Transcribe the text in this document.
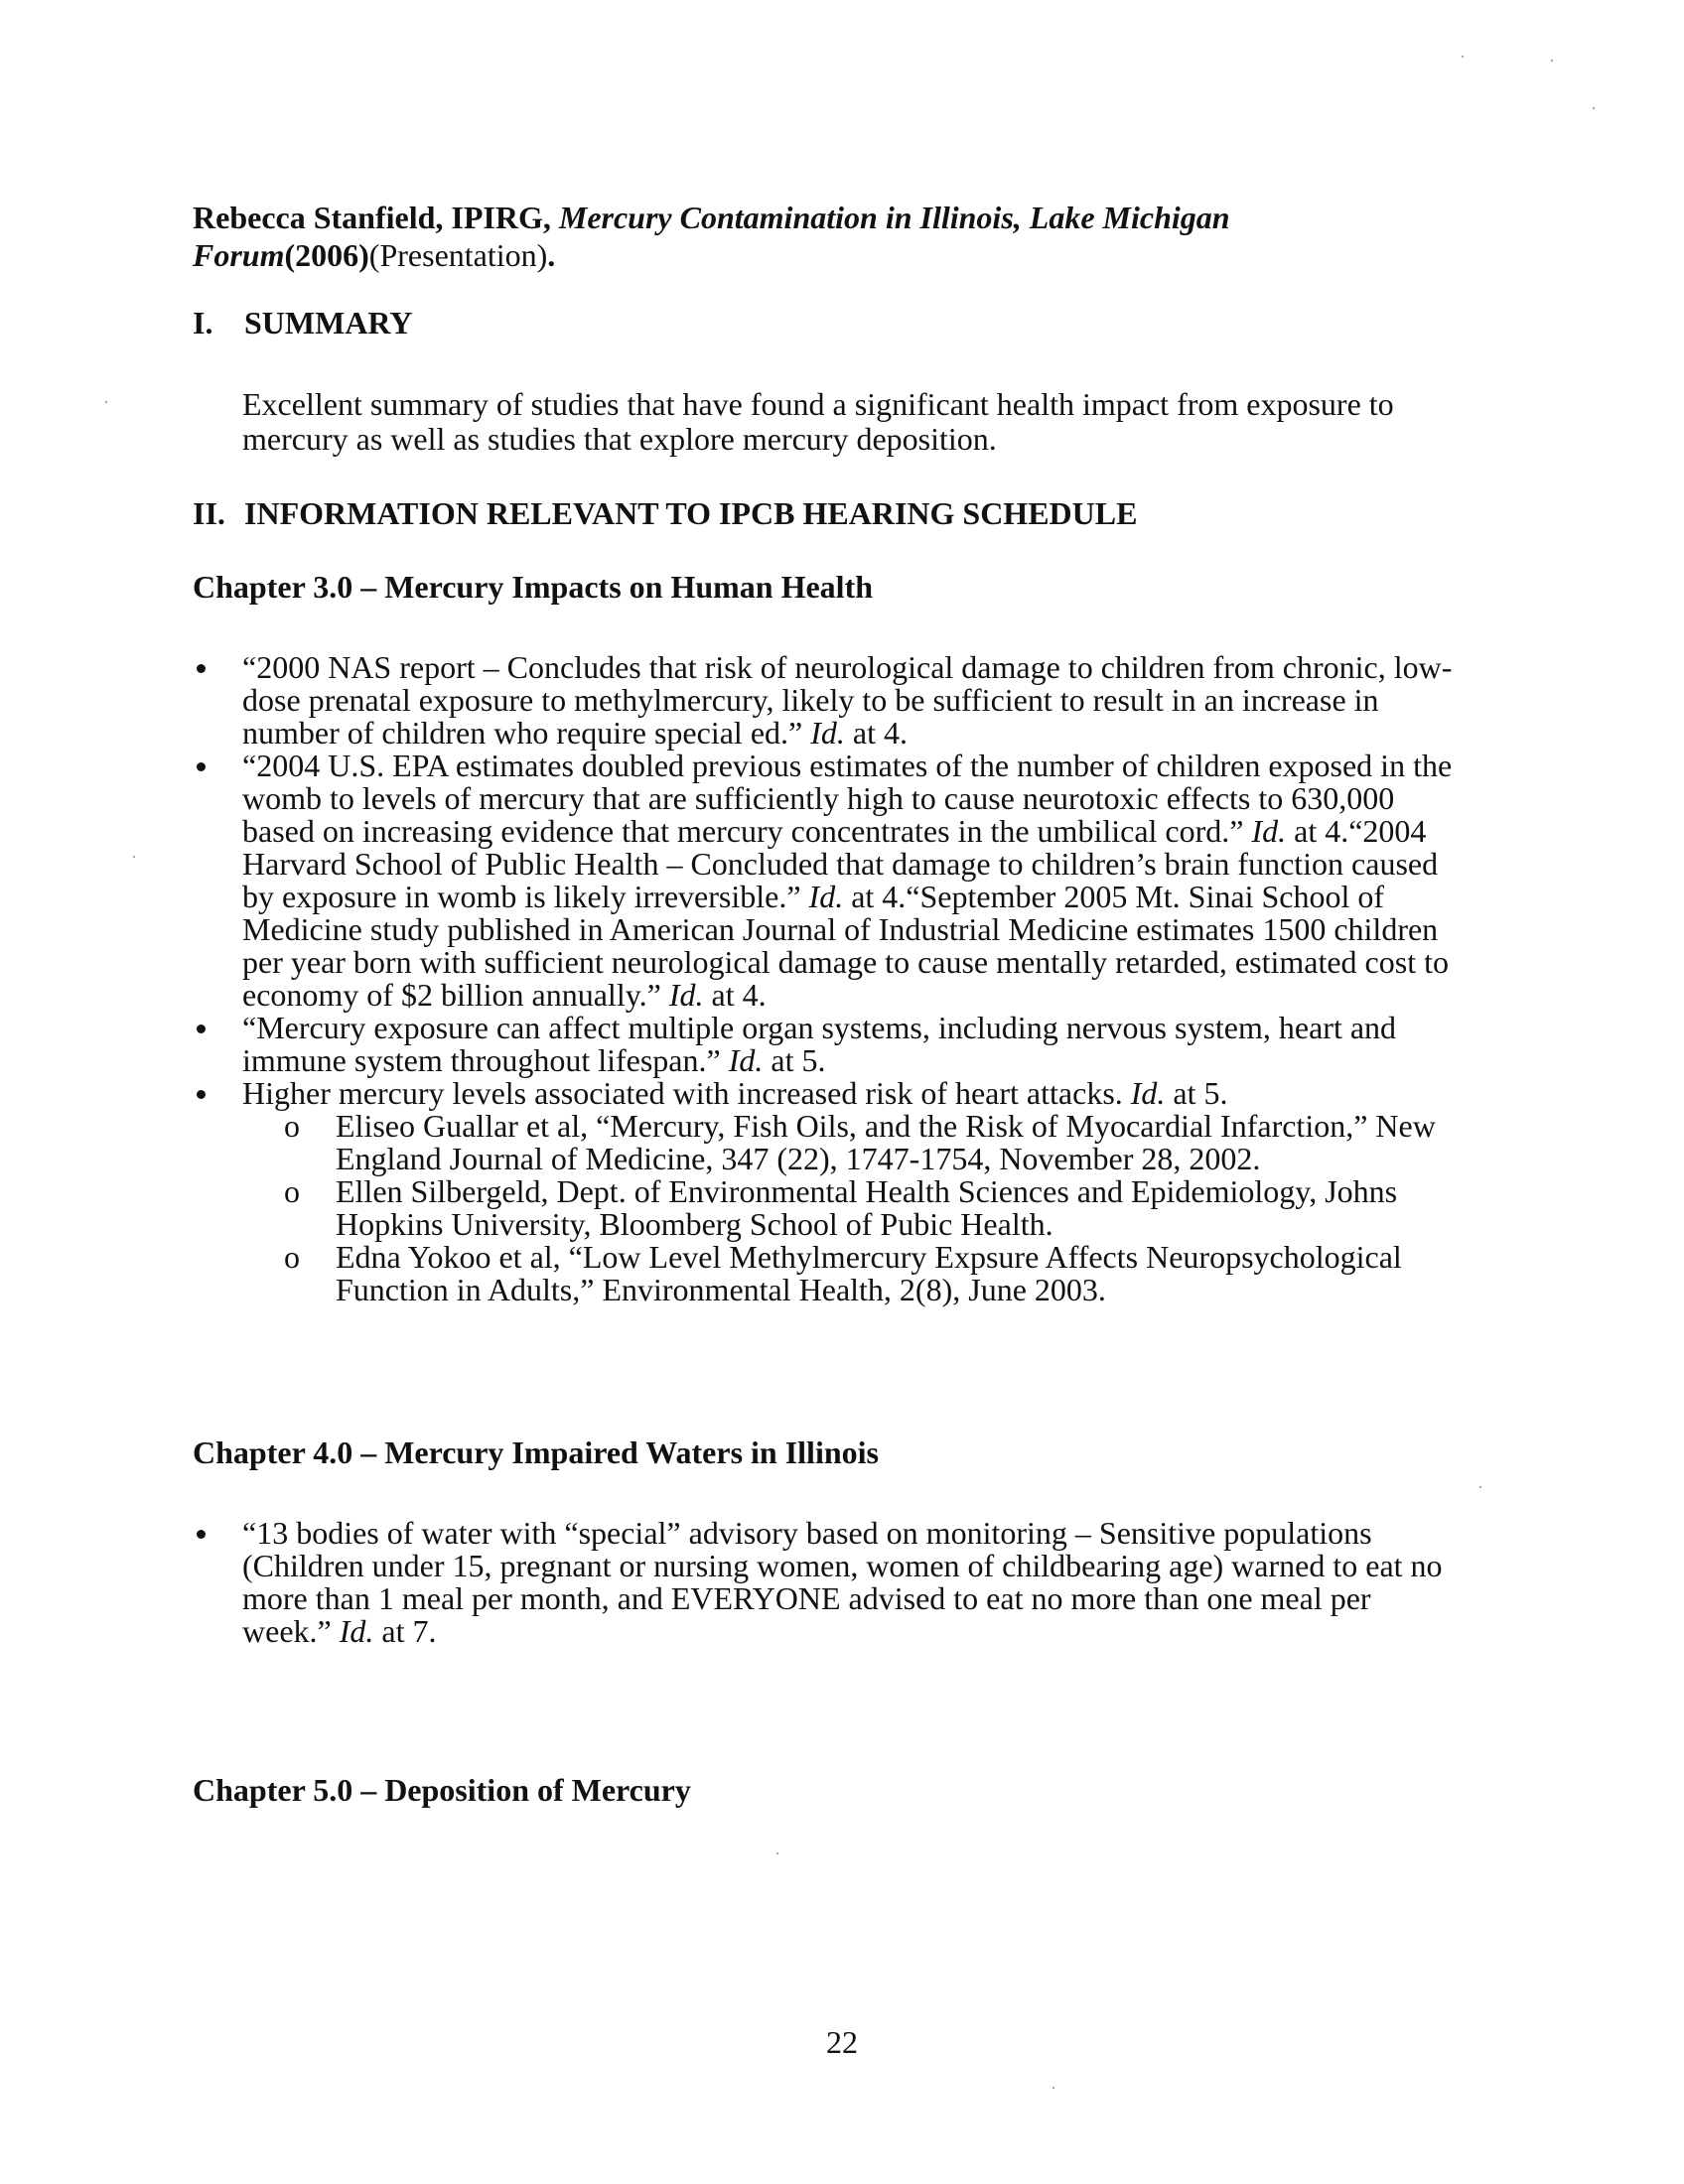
Rebecca Stanfield, IPIRG, Mercury Contamination in Illinois, Lake Michigan Forum(2006)(Presentation).
I. SUMMARY
Excellent summary of studies that have found a significant health impact from exposure to mercury as well as studies that explore mercury deposition.
II. INFORMATION RELEVANT TO IPCB HEARING SCHEDULE
Chapter 3.0 – Mercury Impacts on Human Health
“2000 NAS report – Concludes that risk of neurological damage to children from chronic, low-dose prenatal exposure to methylmercury, likely to be sufficient to result in an increase in number of children who require special ed.” Id. at 4.
“2004 U.S. EPA estimates doubled previous estimates of the number of children exposed in the womb to levels of mercury that are sufficiently high to cause neurotoxic effects to 630,000 based on increasing evidence that mercury concentrates in the umbilical cord.” Id. at 4.“2004 Harvard School of Public Health – Concluded that damage to children’s brain function caused by exposure in womb is likely irreversible.” Id. at 4.“September 2005 Mt. Sinai School of Medicine study published in American Journal of Industrial Medicine estimates 1500 children per year born with sufficient neurological damage to cause mentally retarded, estimated cost to economy of $2 billion annually.” Id. at 4.
“Mercury exposure can affect multiple organ systems, including nervous system, heart and immune system throughout lifespan.” Id. at 5.
Higher mercury levels associated with increased risk of heart attacks. Id. at 5.
o Eliseo Guallar et al, “Mercury, Fish Oils, and the Risk of Myocardial Infarction,” New England Journal of Medicine, 347 (22), 1747-1754, November 28, 2002.
o Ellen Silbergeld, Dept. of Environmental Health Sciences and Epidemiology, Johns Hopkins University, Bloomberg School of Pubic Health.
o Edna Yokoo et al, “Low Level Methylmercury Expsure Affects Neuropsychological Function in Adults,” Environmental Health, 2(8), June 2003.
Chapter 4.0 – Mercury Impaired Waters in Illinois
“13 bodies of water with “special” advisory based on monitoring – Sensitive populations (Children under 15, pregnant or nursing women, women of childbearing age) warned to eat no more than 1 meal per month, and EVERYONE advised to eat no more than one meal per week.” Id. at 7.
Chapter 5.0 – Deposition of Mercury
22
